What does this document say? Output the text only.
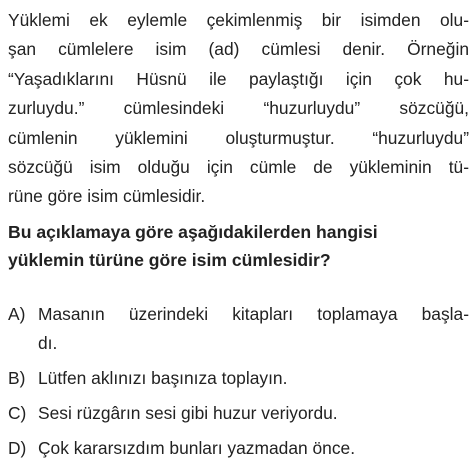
Yüklemi ek eylemle çekimlenmiş bir isimden olu-
şan cümlelere isim (ad) cümlesi denir. Örneğin
“Yaşadıklarını Hüsnü ile paylaştığı için çok hu-
zurluydu.” cümlesindeki “huzurluydu” sözcüğü,
cümlenin yüklemini oluşturmuştur. “huzurluydu”
sözcüğü isim olduğu için cümle de yükleminin tü-
rüne göre isim cümlesidir.
Bu açıklamaya göre aşağıdakilerden hangisi
yüklemin türüne göre isim cümlesidir?
A) Masanın üzerindeki kitapları toplamaya başla-
dı.
B) Lütfen aklınızı başınıza toplayın.
C) Sesi rüzgârın sesi gibi huzur veriyordu.
D) Çok kararsızdım bunları yazmadan önce.
